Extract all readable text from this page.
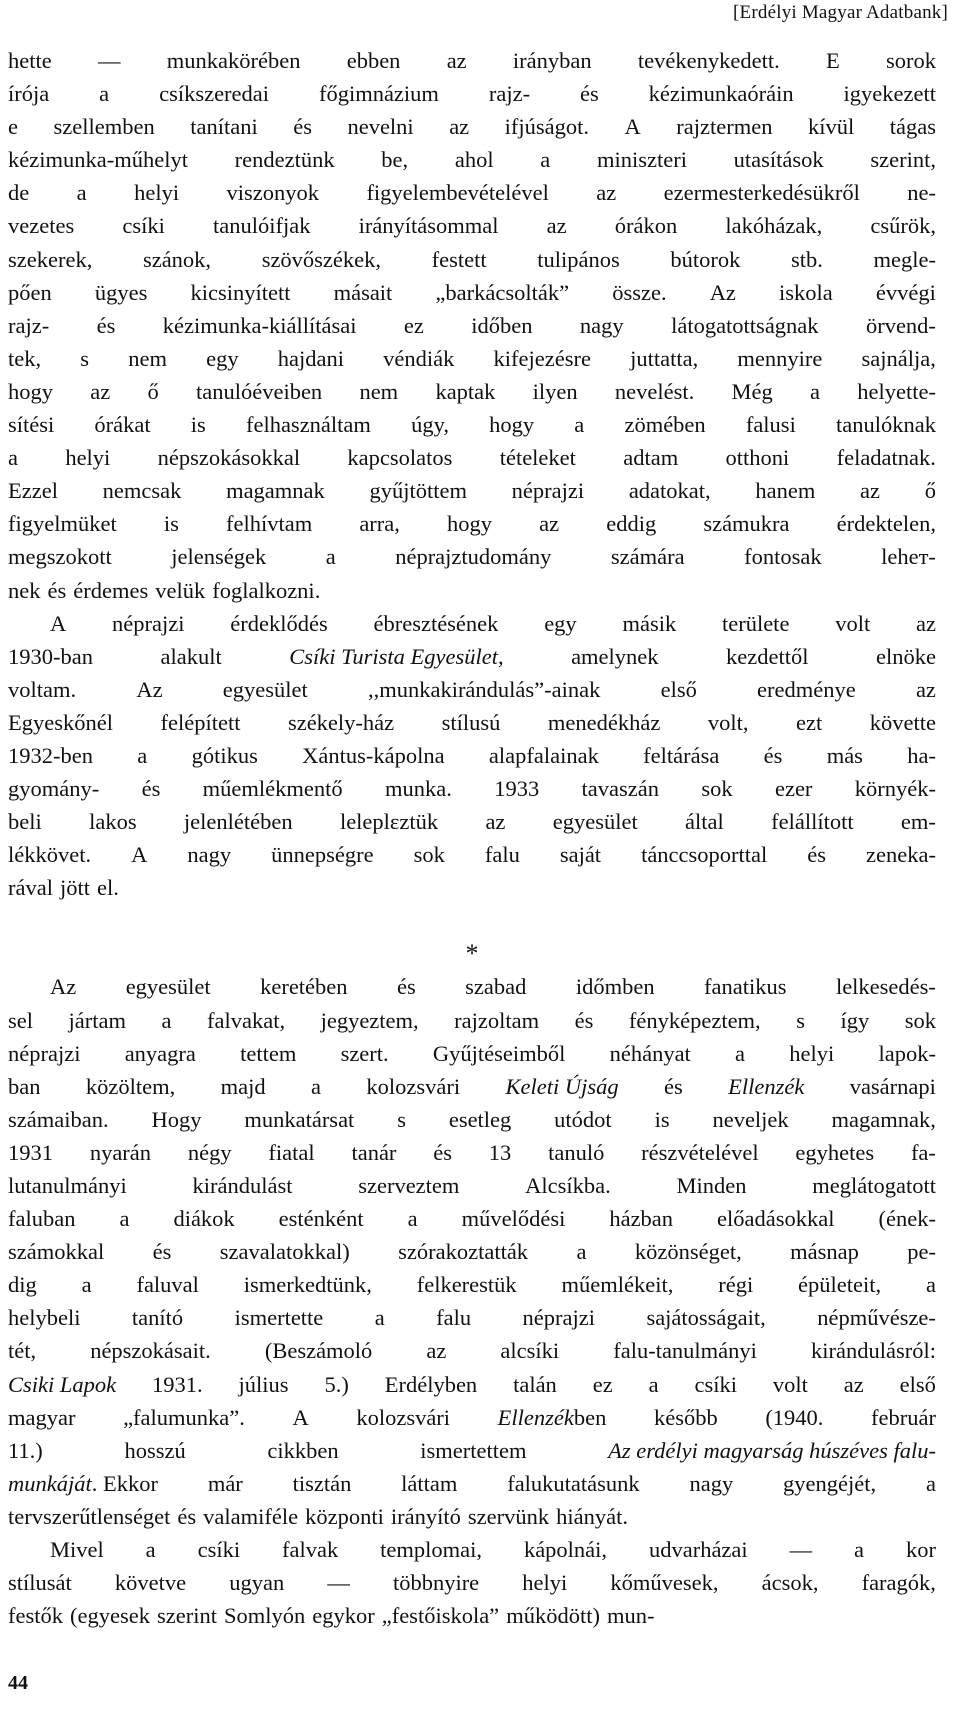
[Erdélyi Magyar Adatbank]
hette — munkakörében ebben az irányban tevékenykedett. E sorok
írója a csíkszeredai főgimnázium rajz- és kézimunkaóráin igyekezett
e szellemben tanítani és nevelni az ifjúságot. A rajztermen kívül tágas
kézimunka-műhelyt rendeztünk be, ahol a miniszteri utasítások szerint,
de a helyi viszonyok figyelembevételével az ezermesterkedésükről ne-
vezetes csíki tanulóifjak irányításommal az órákon lakóházak, csűrök,
szekerek, szánok, szövőszékek, festett tulipános bútorok stb. meglе-
pően ügyes kicsinyített másait „barkácsolták” össze. Az iskola évvégi
rajz- és kézimunka-kiállításai ez időben nagy látogatottságnak örvend-
tek, s nem egy hajdani véndiák kifejezésre juttatta, mennyire sajnálja,
hogy az ő tanulóéveiben nem kaptak ilyen nevelést. Még a helyette-
sítési órákat is felhasználtam úgy, hogy a zömében falusi tanulóknak
a helyi népszokásokkal kapcsolatos tételeket adtam otthoni feladatnak.
Ezzel nemcsak magamnak gyűjtöttem néprajzi adatokat, hanem az ő
figyelmüket is felhívtam arra, hogy az eddig számukra érdektelen,
megszokott	jelenségek	a	néprajztudomány	számára	fontosak	leheт-
nek és érdemes velük foglalkozni.
A néprajzi érdeklődés ébresztésének egy másik területe volt az
1930-ban	alakult	Csíki Turista Egyesület,	amelynek	kezdettől	elnöke
voltam.	Az	egyesület	,,munkakirándulás”-ainak	első	eredménye	az
Egyeskőnél felépített székely-ház stílusú menedékház volt, ezt követte
1932-ben a gótikus Xántus-kápolna alapfalainak feltárása és más ha-
gyomány- és műemlékmentő munka. 1933 tavaszán sok ezer környék-
beli lakos jelenlétében leleplεztük az egyesület által felállított em-
lékkövet. A nagy ünnepségre sok falu saját tánccsoporttal és zeneka-
rával jött el.
*
Az egyesület keretében és szabad időmben fanatikus lelkesedés-
sel jártam a falvakat, jegyeztem, rajzoltam és fényképeztem, s így sok
néprajzi anyagra tettem szert. Gyűjtéseimből néhányat a helyi lapok-
ban közöltem, majd a kolozsvári Keleti Újság és Ellenzék vasárnapi
számaiban. Hogy munkatársat s esetleg utódot is neveljek magamnak,
1931 nyarán négy fiatal tanár és 13 tanuló részvételével egyhetes fa-
lutanulmányi	kirándulást	szerveztem	Alcsíkba.	Minden	meglátogatott
faluban a diákok esténként a művelődési házban előadásokkal (ének-
számokkal és szavalatokkal) szórakoztatták a közönséget, másnap pe-
dig a faluval ismerkedtünk, felkerestük műemlékeit, régi épületeit, a
helybeli tanító ismertette a falu néprajzi sajátosságait, népművésze-
tét, népszokásait. (Beszámoló az alcsíki falu-tanulmányi kirándulásról:
Csiki Lapok 1931. július 5.) Erdélyben talán ez a csíki volt az első
magyar „falumunka”. A kolozsvári Ellenzékben később (1940. február
11.)	hosszú	cikkben	ismertettem	Az erdélyi magyarság húszéves falu-
munkáját. Ekkor már tisztán láttam falukutatásunk nagy gyengéjét, a
tervszerűtlenséget és valamiféle központi irányító szervünk hiányát.
Mivel a csíki falvak templomai, kápolnái, udvarházai — a kor
stílusát követve ugyan — többnyire helyi kőművesek, ácsok, faragók,
festők (egyesek szerint Somlyón egykor „festőiskola” működött) mun-
44
